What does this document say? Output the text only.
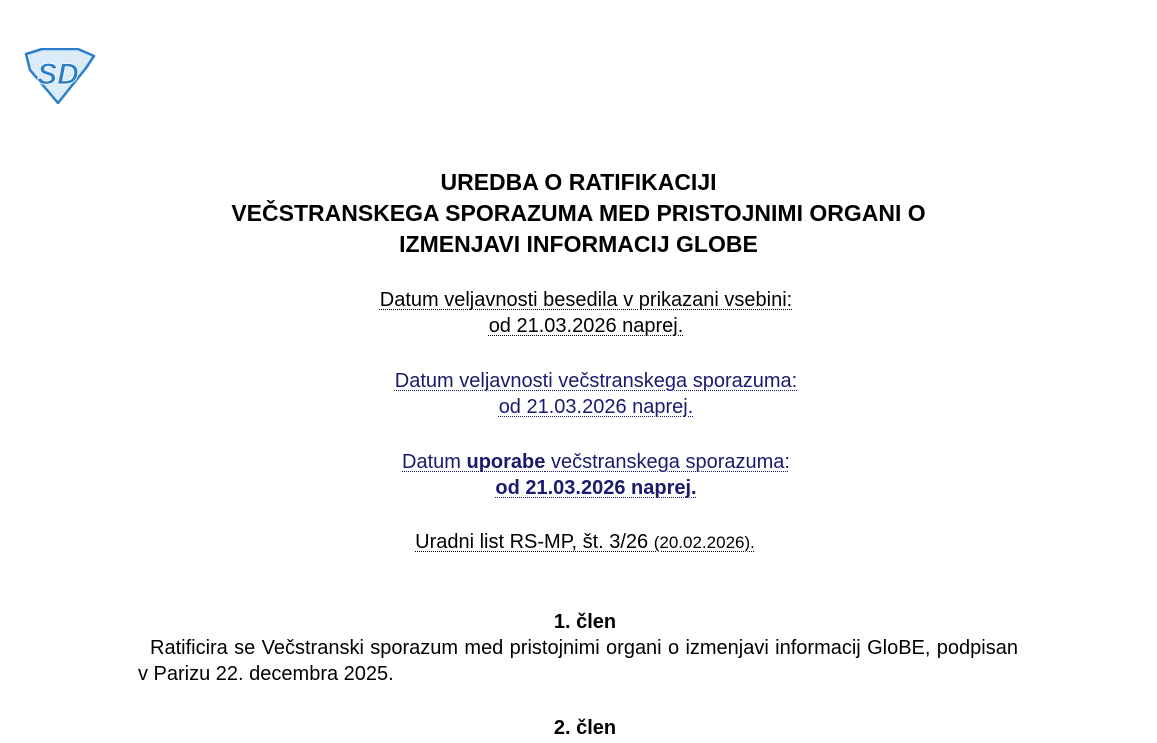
SD
UREDBA O RATIFIKACIJI
VEČSTRANSKEGA SPORAZUMA MED PRISTOJNIMI ORGANI O
IZMENJAVI INFORMACIJ GLOBE
Datum veljavnosti besedila v prikazani vsebini:
od 21.03.2026 naprej.
Datum veljavnosti večstranskega sporazuma:
od 21.03.2026 naprej.
Datum uporabe večstranskega sporazuma:
od 21.03.2026 naprej.
Uradni list RS-MP, št. 3/26 (20.02.2026).
1. člen

Ratificira se Večstranski sporazum med pristojnimi organi o izmenjavi informacij GloBE, podpisan v Parizu 22. decembra 2025.

2. člen
